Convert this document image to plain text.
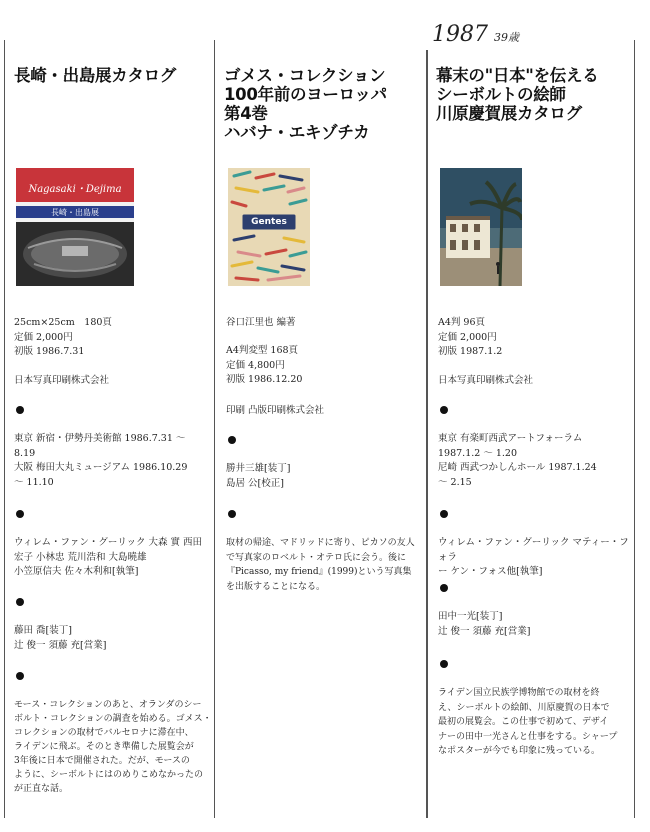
1987 39歳
長崎・出島展カタログ
Nagasaki・Dejima
長崎・出島展

25cm×25cm　180頁
定価 2,000円
初版 1986.7.31

日本写真印刷株式会社

東京 新宿・伊勢丹美術館 1986.7.31 ～
8.19
大阪 梅田大丸ミュージアム 1986.10.29
～ 11.10

ウィレム・ファン・グーリック 大森 實 西田
宏子 小林忠 荒川浩和 大島曉雄
小笠原信夫 佐々木利和[執筆]

藤田 喬[装丁]
辻 俊一 須藤 充[営業]

モース・コレクションのあと、オランダのシー
ボルト・コレクションの調査を始める。ゴメス・
コレクションの取材でバルセロナに滞在中、
ライデンに飛ぶ。そのとき準備した展覧会が
3年後に日本で開催された。だが、モースの
ように、シーボルトにはのめりこめなかったの
が正直な話。

ゴメス・コレクション
100年前のヨーロッパ
第4巻
ハバナ・エキゾチカ
Gentes

谷口江里也 編著

A4判変型 168頁
定価 4,800円
初版 1986.12.20

印刷 凸版印刷株式会社

勝井三雄[装丁]
島居 公[校正]

取材の帰途、マドリッドに寄り、ピカソの友人
で写真家のロベルト・オテロ氏に会う。後に
『Picasso, my friend』(1999)という写真集
を出版することになる。

幕末の"日本"を伝える
シーボルトの絵師
川原慶賀展カタログ

A4判 96頁
定価 2,000円
初版 1987.1.2

日本写真印刷株式会社

東京 有楽町西武アートフォーラム
1987.1.2 ～ 1.20
尼崎 西武つかしんホール 1987.1.24
～ 2.15

ウィレム・ファン・グーリック マティー・フォラ
ー ケン・フォス他[執筆]

田中一光[装丁]
辻 俊一 須藤 充[営業]

ライデン国立民族学博物館での取材を終
え、シーボルトの絵師、川原慶賀の日本で
最初の展覧会。この仕事で初めて、デザイ
ナーの田中一光さんと仕事をする。シャープ
なポスターが今でも印象に残っている。
